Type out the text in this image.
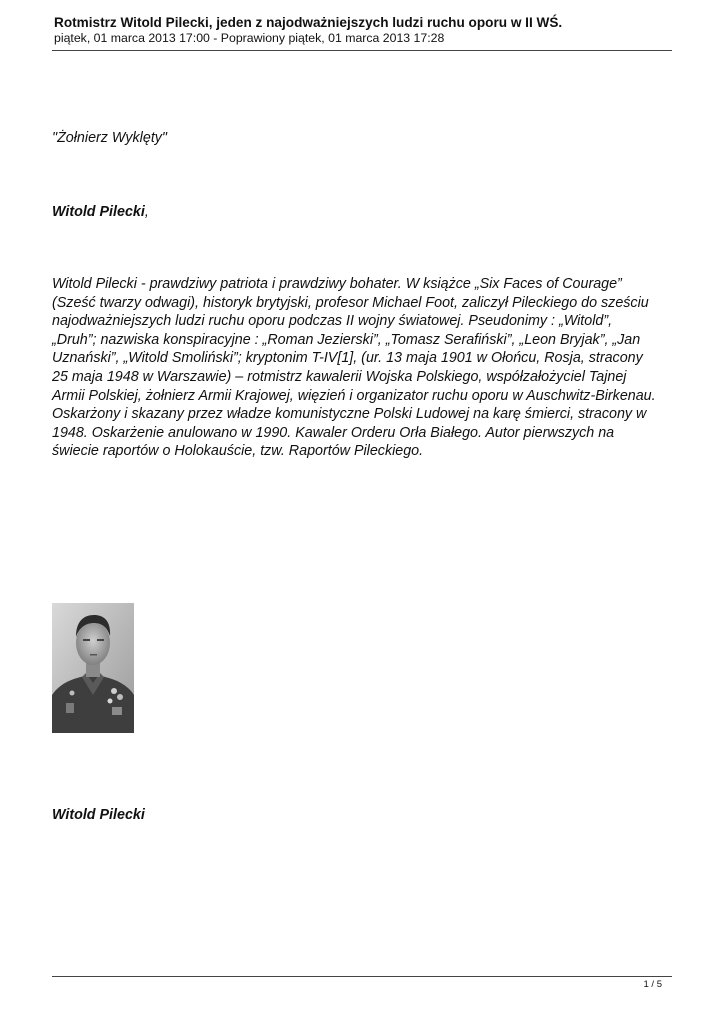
Rotmistrz Witold Pilecki, jeden z najodważniejszych ludzi ruchu oporu w II WŚ.
piątek, 01 marca 2013 17:00 - Poprawiony piątek, 01 marca 2013 17:28
"Żołnierz Wyklęty"
Witold Pilecki,
Witold Pilecki - prawdziwy patriota i prawdziwy bohater. W książce „Six Faces of Courage”
(Sześć twarzy odwagi), historyk brytyjski, profesor Michael Foot, zaliczył Pileckiego do sześciu
najodważniejszych ludzi ruchu oporu podczas II wojny światowej. Pseudonimy : „Witold”,
„Druh”; nazwiska konspiracyjne : „Roman Jezierski”, „Tomasz Serafiński”, „Leon Bryjak”, „Jan
Uznański”, „Witold Smoliński”; kryptonim T-IV[1], (ur. 13 maja 1901 w Ołońcu, Rosja, stracony
25 maja 1948 w Warszawie) – rotmistrz kawalerii Wojska Polskiego, współzałożyciel Tajnej
Armii Polskiej, żołnierz Armii Krajowej, więzień i organizator ruchu oporu w Auschwitz-Birkenau.
Oskarżony i skazany przez władze komunistyczne Polski Ludowej na karę śmierci, stracony w
1948. Oskarżenie anulowano w 1990. Kawaler Orderu Orła Białego. Autor pierwszych na
świecie raportów o Holokauście, tzw. Raportów Pileckiego.
Witold Pilecki
1 / 5
